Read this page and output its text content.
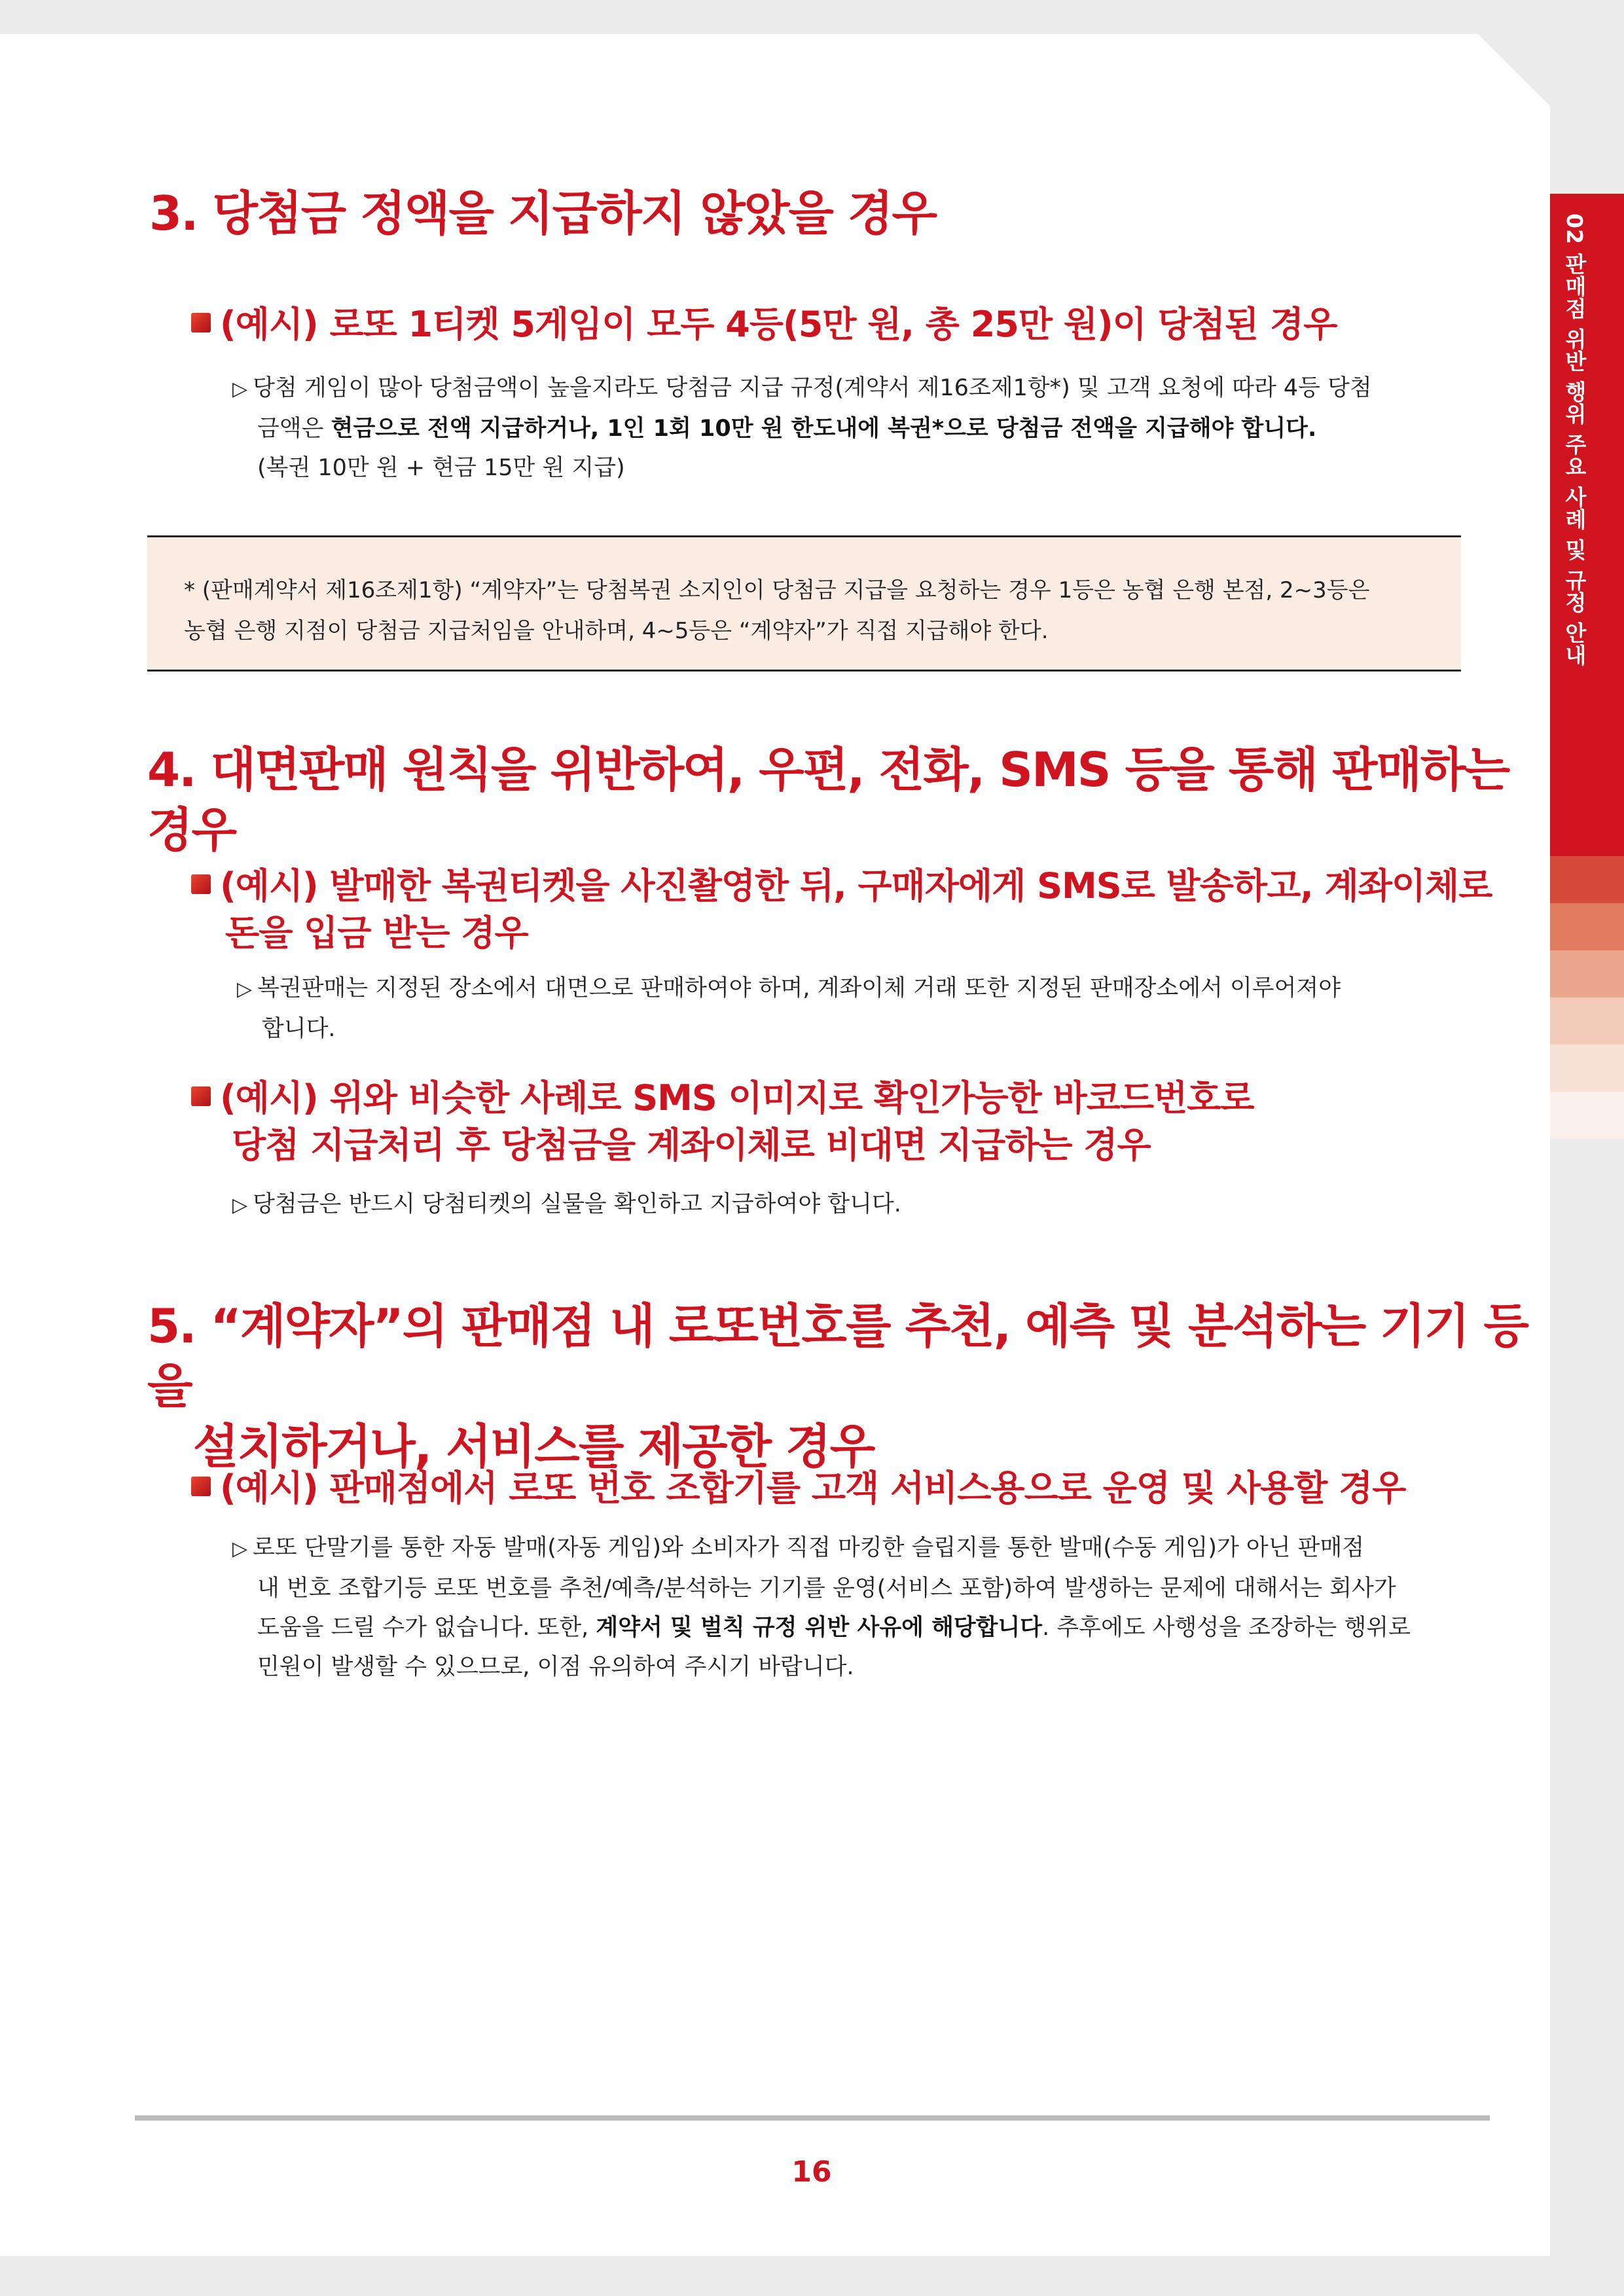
02 판매점 위반 행위 주요 사례 및 규정 안내
3. 당첨금 정액을 지급하지 않았을 경우
(예시) 로또 1티켓 5게임이 모두 4등(5만 원, 총 25만 원)이 당첨된 경우
▷ 당첨 게임이 많아 당첨금액이 높을지라도 당첨금 지급 규정(계약서 제16조제1항*) 및 고객 요청에 따라 4등 당첨
금액은 현금으로 전액 지급하거나, 1인 1회 10만 원 한도내에 복권*으로 당첨금 전액을 지급해야 합니다.
(복권 10만 원 + 현금 15만 원 지급)

* (판매계약서 제16조제1항) “계약자”는 당첨복권 소지인이 당첨금 지급을 요청하는 경우 1등은 농협 은행 본점, 2~3등은
농협 은행 지점이 당첨금 지급처임을 안내하며, 4~5등은 “계약자”가 직접 지급해야 한다.

4. 대면판매 원칙을 위반하여, 우편, 전화, SMS 등을 통해 판매하는 경우
(예시) 발매한 복권티켓을 사진촬영한 뒤, 구매자에게 SMS로 발송하고, 계좌이체로
돈을 입금 받는 경우
▷ 복권판매는 지정된 장소에서 대면으로 판매하여야 하며, 계좌이체 거래 또한 지정된 판매장소에서 이루어져야
합니다.
(예시) 위와 비슷한 사례로 SMS 이미지로 확인가능한 바코드번호로
당첨 지급처리 후 당첨금을 계좌이체로 비대면 지급하는 경우
▷ 당첨금은 반드시 당첨티켓의 실물을 확인하고 지급하여야 합니다.
5. “계약자”의 판매점 내 로또번호를 추천, 예측 및 분석하는 기기 등을
설치하거나, 서비스를 제공한 경우
(예시) 판매점에서 로또 번호 조합기를 고객 서비스용으로 운영 및 사용할 경우
▷ 로또 단말기를 통한 자동 발매(자동 게임)와 소비자가 직접 마킹한 슬립지를 통한 발매(수동 게임)가 아닌 판매점
내 번호 조합기등 로또 번호를 추천/예측/분석하는 기기를 운영(서비스 포함)하여 발생하는 문제에 대해서는 회사가
도움을 드릴 수가 없습니다. 또한, 계약서 및 벌칙 규정 위반 사유에 해당합니다. 추후에도 사행성을 조장하는 행위로
민원이 발생할 수 있으므로, 이점 유의하여 주시기 바랍니다.
16
